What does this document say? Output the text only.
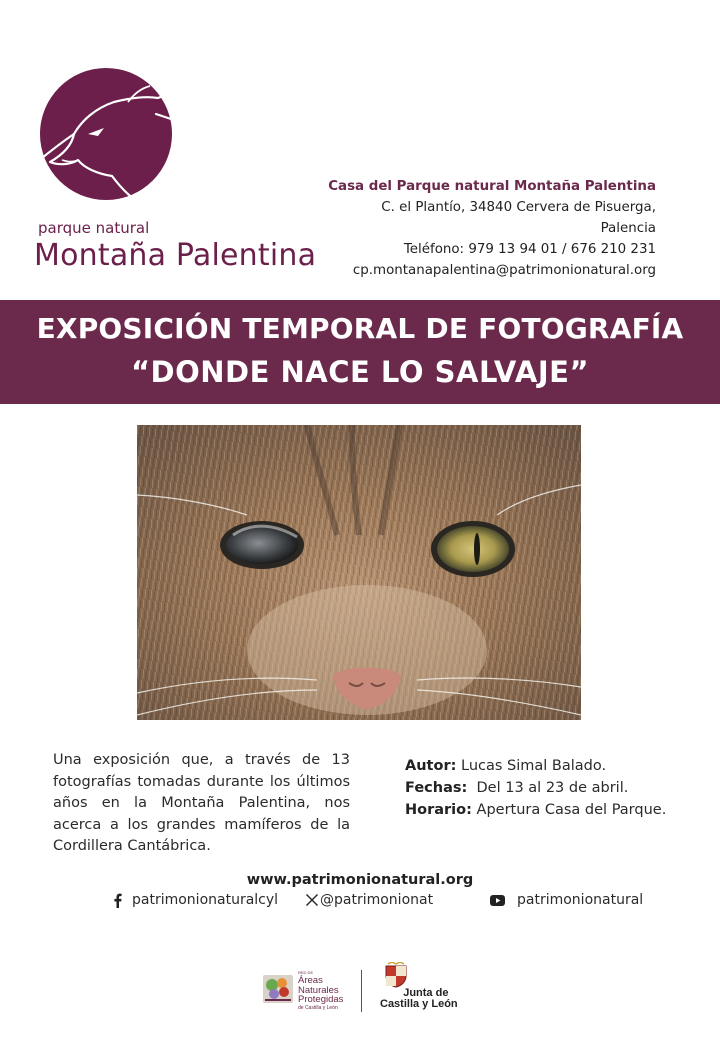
parque natural
Montaña Palentina
Casa del Parque natural Montaña Palentina
C. el Plantío, 34840 Cervera de Pisuerga,
Palencia
Teléfono: 979 13 94 01 / 676 210 231
cp.montanapalentina@patrimonionatural.org
EXPOSICIÓN TEMPORAL DE FOTOGRAFÍA
“DONDE NACE LO SALVAJE”
Una exposición que, a través de 13 fotografías tomadas durante los últimos años en la Montaña Palentina, nos acerca a los grandes mamíferos de la Cordillera Cantábrica.
Autor: Lucas Simal Balado.
Fechas: Del 13 al 23 de abril.
Horario: Apertura Casa del Parque.
www.patrimonionatural.org
patrimonionaturalcyl	@patrimonionat	patrimonionatural
RED DE
Áreas
Naturales
Protegidas
de Castilla y León
Junta de
Castilla y León
